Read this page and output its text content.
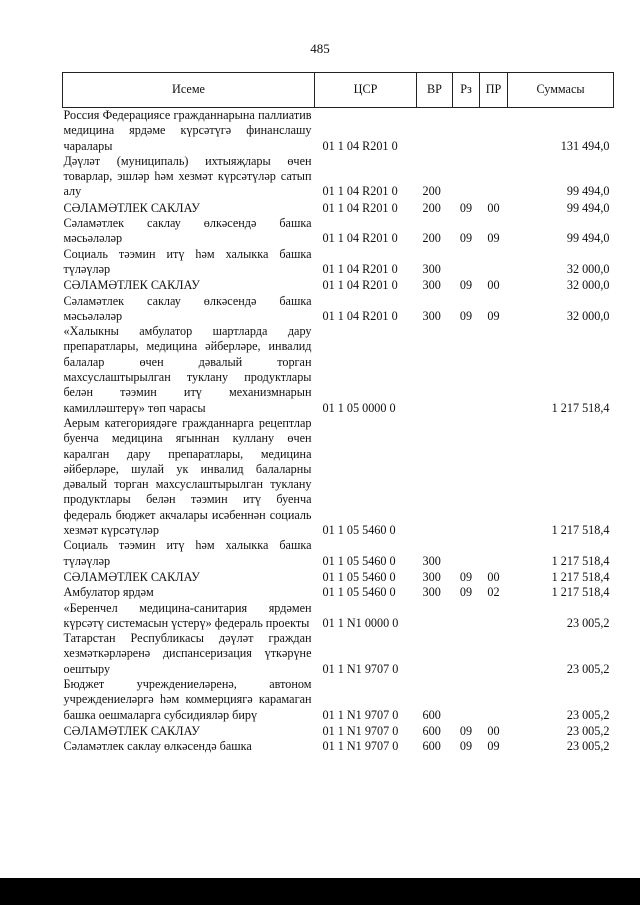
485
Исеме	ЦСР	ВР	Рз	ПР	Суммасы
Россия Федерациясе гражданнарына паллиатив медицина ярдәме күрсәтүгә финанслашу чаралары	01 1 04 R201 0				131 494,0
Дәүләт (муниципаль) ихтыяҗлары өчен товарлар, эшләр һәм хезмәт күрсәтүләр сатып алу	01 1 04 R201 0	200			99 494,0
СӘЛАМӘТЛЕК САКЛАУ	01 1 04 R201 0	200	09	00	99 494,0
Сәламәтлек саклау өлкәсендә башка мәсьәләләр	01 1 04 R201 0	200	09	09	99 494,0
Социаль тәэмин итү һәм халыкка башка түләүләр	01 1 04 R201 0	300			32 000,0
СӘЛАМӘТЛЕК САКЛАУ	01 1 04 R201 0	300	09	00	32 000,0
Сәламәтлек саклау өлкәсендә башка мәсьәләләр	01 1 04 R201 0	300	09	09	32 000,0
«Халыкны амбулатор шартларда дару препаратлары, медицина әйберләре, инвалид балалар өчен дәвалый торган махсуслаштырылган туклану продуктлары белән тәэмин итү механизмнарын камилләштерү» төп чарасы	01 1 05 0000 0				1 217 518,4
Аерым категориядәге гражданнарга рецептлар буенча медицина ягыннан куллану өчен каралган дару препаратлары, медицина әйберләре, шулай ук инвалид балаларны дәвалый торган махсуслаштырылган туклану продуктлары белән тәэмин итү буенча федераль бюджет акчалары исәбеннән социаль хезмәт күрсәтүләр	01 1 05 5460 0				1 217 518,4
Социаль тәэмин итү һәм халыкка башка түләүләр	01 1 05 5460 0	300			1 217 518,4
СӘЛАМӘТЛЕК САКЛАУ	01 1 05 5460 0	300	09	00	1 217 518,4
Амбулатор ярдәм	01 1 05 5460 0	300	09	02	1 217 518,4
«Беренчел медицина-санитария ярдәмен күрсәтү системасын үстерү» федераль проекты	01 1 N1 0000 0				23 005,2
Татарстан Республикасы дәүләт граждан хезмәткәрләренә диспансеризация үткәрүне оештыру	01 1 N1 9707 0				23 005,2
Бюджет учреждениеләренә, автоном учреждениеләргә һәм коммерциягә карамаган башка оешмаларга субсидияләр бирү	01 1 N1 9707 0	600			23 005,2
СӘЛАМӘТЛЕК САКЛАУ	01 1 N1 9707 0	600	09	00	23 005,2
Сәламәтлек саклау өлкәсендә башка	01 1 N1 9707 0	600	09	09	23 005,2
